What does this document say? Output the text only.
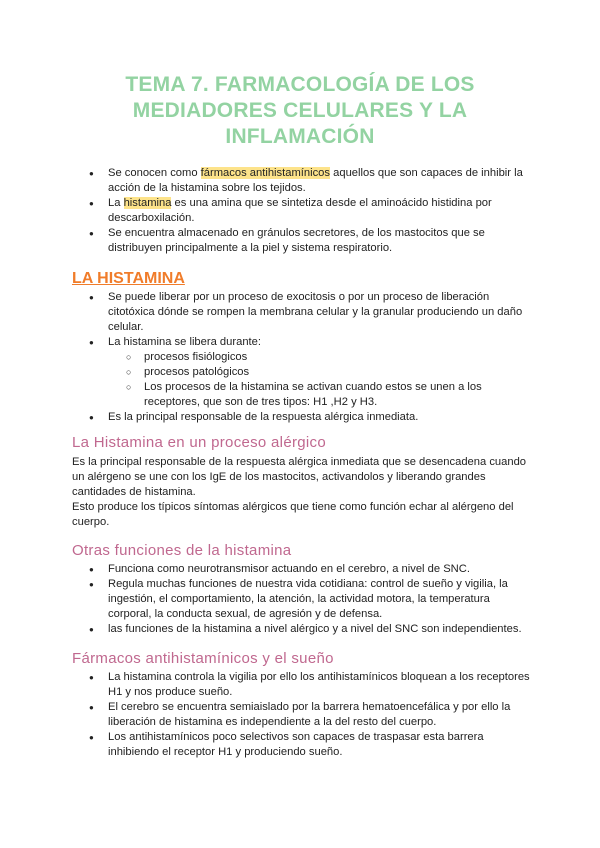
TEMA 7. FARMACOLOGÍA DE LOS
MEDIADORES CELULARES Y LA
INFLAMACIÓN
● Se conocen como fármacos antihistamínicos aquellos que son capaces de inhibir la acción de la histamina sobre los tejidos.
● La histamina es una amina que se sintetiza desde el aminoácido histidina por descarboxilación.
● Se encuentra almacenado en gránulos secretores, de los mastocitos que se distribuyen principalmente a la piel y sistema respiratorio.
LA HISTAMINA
● Se puede liberar por un proceso de exocitosis o por un proceso de liberación citotóxica dónde se rompen la membrana celular y la granular produciendo un daño celular.
● La histamina se libera durante:
○ procesos fisiólogicos
○ procesos patológicos
○ Los procesos de la histamina se activan cuando estos se unen a los receptores, que son de tres tipos: H1 ,H2 y H3.
● Es la principal responsable de la respuesta alérgica inmediata.
La Histamina en un proceso alérgico

Es la principal responsable de la respuesta alérgica inmediata que se desencadena cuando un alérgeno se une con los IgE de los mastocitos, activandolos y liberando grandes cantidades de histamina.

Esto produce los típicos síntomas alérgicos que tiene como función echar al alérgeno del cuerpo.

Otras funciones de la histamina
● Funciona como neurotransmisor actuando en el cerebro, a nivel de SNC.
● Regula muchas funciones de nuestra vida cotidiana: control de sueño y vigilia, la ingestión, el comportamiento, la atención, la actividad motora, la temperatura corporal, la conducta sexual, de agresión y de defensa.
● las funciones de la histamina a nivel alérgico y a nivel del SNC son independientes.
Fármacos antihistamínicos y el sueño
● La histamina controla la vigilia por ello los antihistamínicos bloquean a los receptores H1 y nos produce sueño.
● El cerebro se encuentra semiaislado por la barrera hematoencefálica y por ello la liberación de histamina es independiente a la del resto del cuerpo.
● Los antihistamínicos poco selectivos son capaces de traspasar esta barrera inhibiendo el receptor H1 y produciendo sueño.
